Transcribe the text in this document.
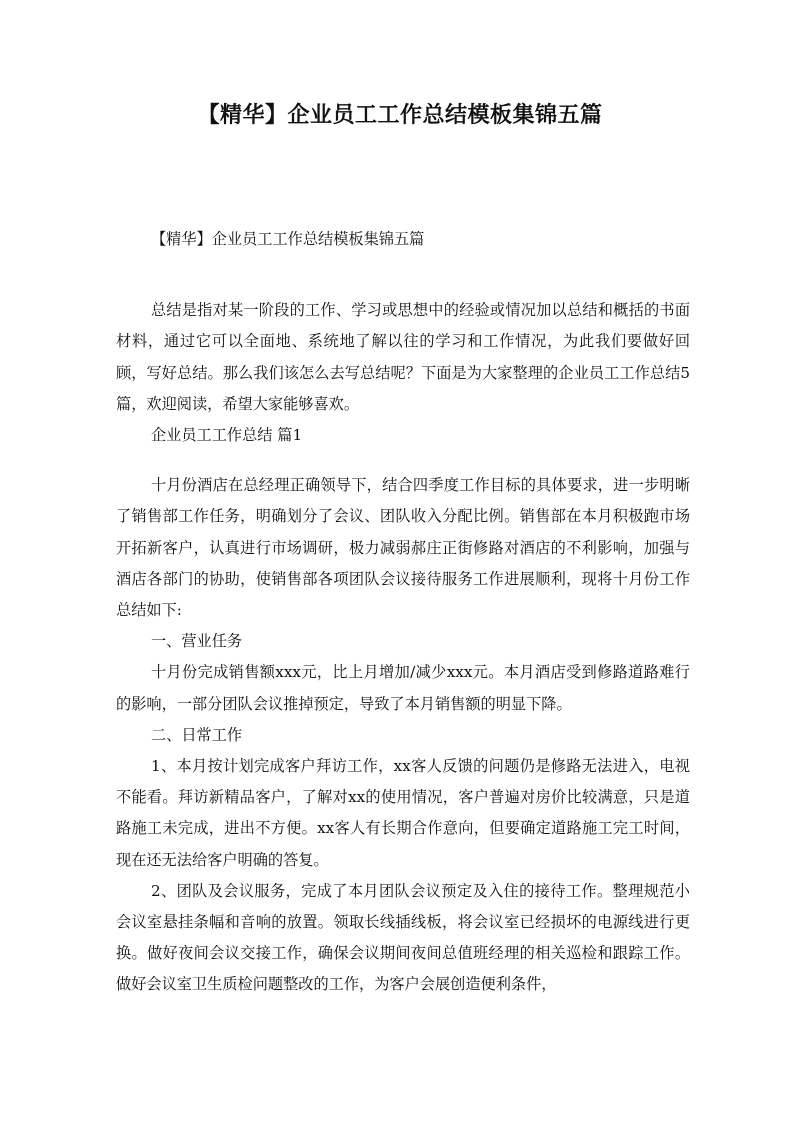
【精华】企业员工工作总结模板集锦五篇

【精华】企业员工工作总结模板集锦五篇

总结是指对某一阶段的工作、学习或思想中的经验或情况加以总结和概括的书面材料，通过它可以全面地、系统地了解以往的学习和工作情况，为此我们要做好回顾，写好总结。那么我们该怎么去写总结呢？下面是为大家整理的企业员工工作总结5篇，欢迎阅读，希望大家能够喜欢。

企业员工工作总结 篇1

十月份酒店在总经理正确领导下，结合四季度工作目标的具体要求，进一步明晰了销售部工作任务，明确划分了会议、团队收入分配比例。销售部在本月积极跑市场开拓新客户，认真进行市场调研，极力减弱郝庄正街修路对酒店的不利影响，加强与酒店各部门的协助，使销售部各项团队会议接待服务工作进展顺利，现将十月份工作总结如下:

一、营业任务

十月份完成销售额xxx元，比上月增加/减少xxx元。本月酒店受到修路道路难行的影响，一部分团队会议推掉预定，导致了本月销售额的明显下降。

二、日常工作

1、本月按计划完成客户拜访工作，xx客人反馈的问题仍是修路无法进入，电视不能看。拜访新精品客户，了解对xx的使用情况，客户普遍对房价比较满意，只是道路施工未完成，进出不方便。xx客人有长期合作意向，但要确定道路施工完工时间，现在还无法给客户明确的答复。

2、团队及会议服务，完成了本月团队会议预定及入住的接待工作。整理规范小会议室悬挂条幅和音响的放置。领取长线插线板，将会议室已经损坏的电源线进行更换。做好夜间会议交接工作，确保会议期间夜间总值班经理的相关巡检和跟踪工作。做好会议室卫生质检问题整改的工作，为客户会展创造便利条件，
